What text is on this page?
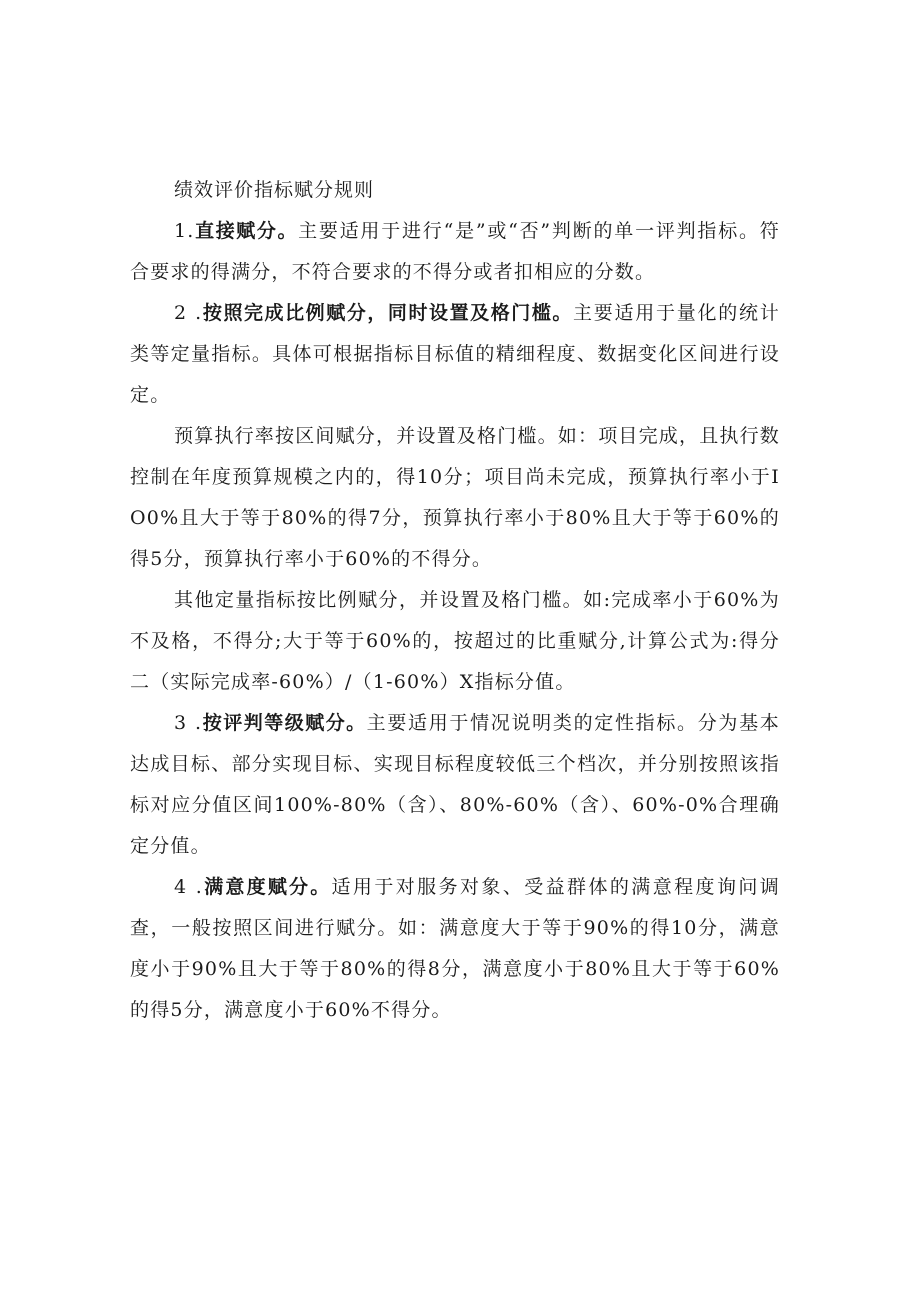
绩效评价指标赋分规则

1.直接赋分。主要适用于进行“是”或“否”判断的单一评判指标。符合要求的得满分，不符合要求的不得分或者扣相应的分数。

2 .按照完成比例赋分，同时设置及格门槛。主要适用于量化的统计类等定量指标。具体可根据指标目标值的精细程度、数据变化区间进行设定。

预算执行率按区间赋分，并设置及格门槛。如：项目完成，且执行数控制在年度预算规模之内的，得10分；项目尚未完成，预算执行率小于IO0%且大于等于80%的得7分，预算执行率小于80%且大于等于60%的得5分，预算执行率小于60%的不得分。

其他定量指标按比例赋分，并设置及格门槛。如:完成率小于60%为不及格，不得分;大于等于60%的，按超过的比重赋分,计算公式为:得分二（实际完成率-60%）/（1-60%）X指标分值。

3 .按评判等级赋分。主要适用于情况说明类的定性指标。分为基本达成目标、部分实现目标、实现目标程度较低三个档次，并分别按照该指标对应分值区间100%-80%（含）、80%-60%（含）、60%-0%合理确定分值。

4 .满意度赋分。适用于对服务对象、受益群体的满意程度询问调查，一般按照区间进行赋分。如：满意度大于等于90%的得10分，满意度小于90%且大于等于80%的得8分，满意度小于80%且大于等于60%的得5分，满意度小于60%不得分。
